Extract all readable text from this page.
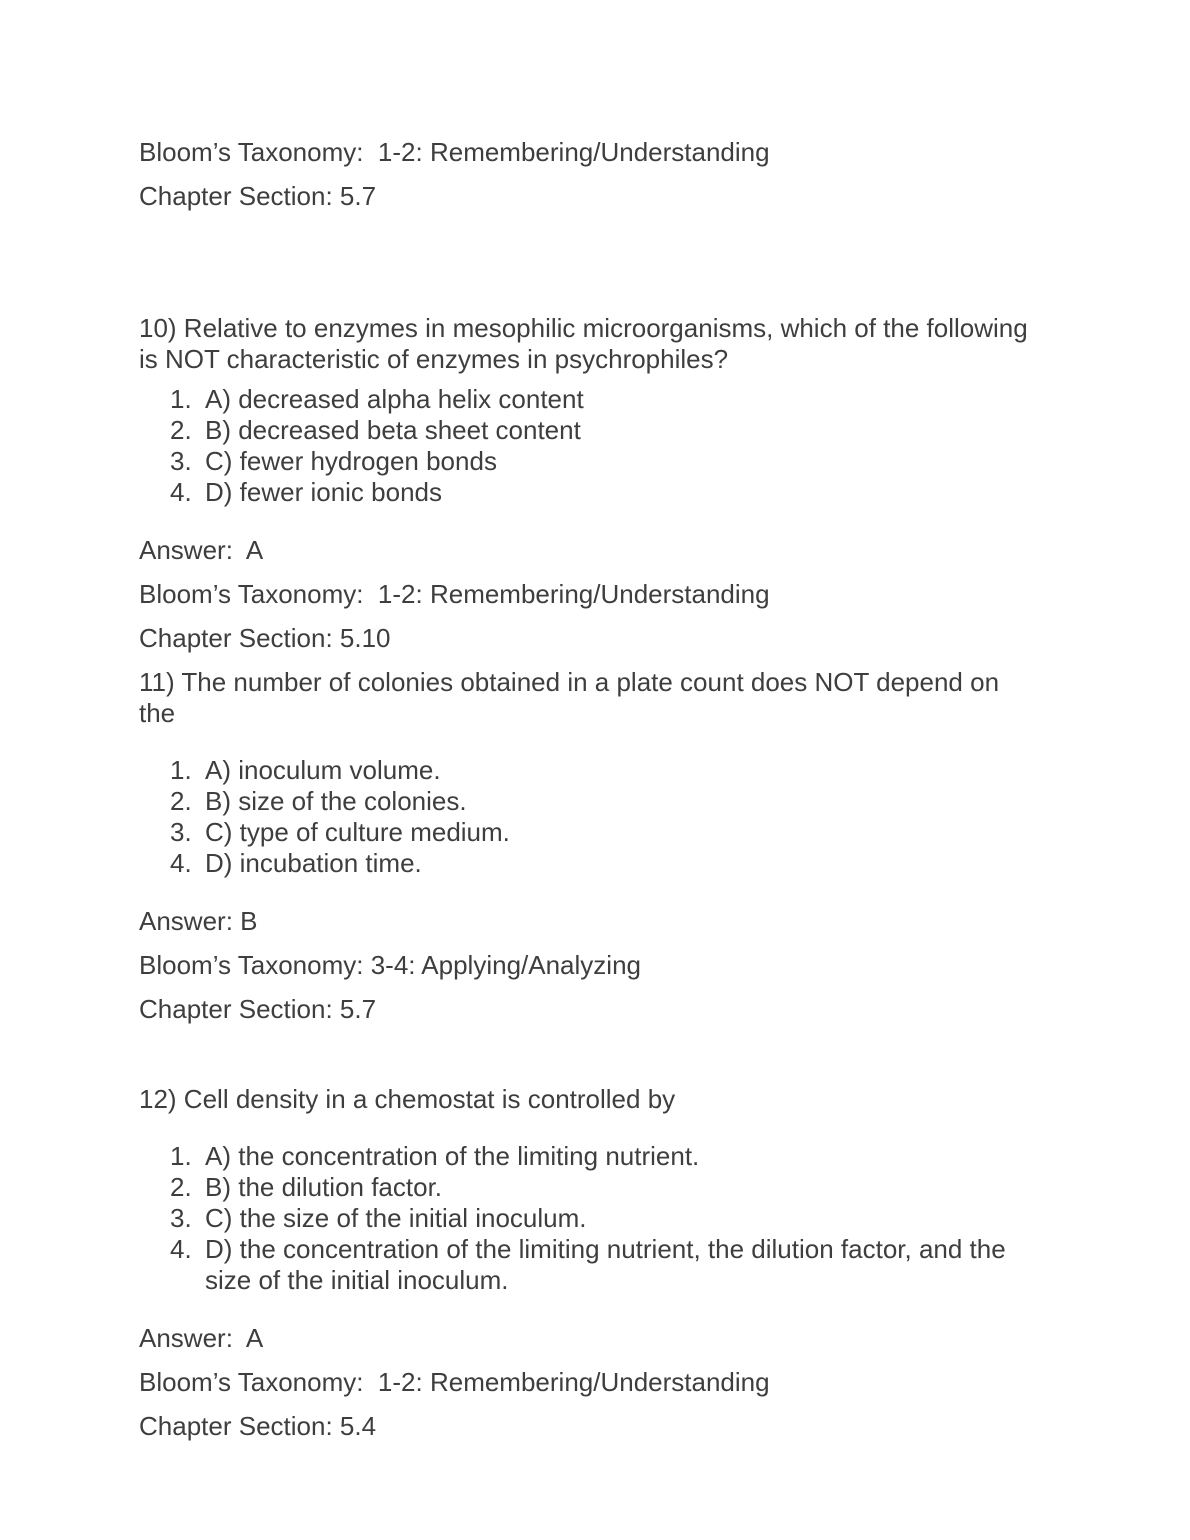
Bloom’s Taxonomy:  1-2: Remembering/Understanding

Chapter Section: 5.7

10) Relative to enzymes in mesophilic microorganisms, which of the following is NOT characteristic of enzymes in psychrophiles?

1. A) decreased alpha helix content
2. B) decreased beta sheet content
3. C) fewer hydrogen bonds
4. D) fewer ionic bonds

Answer:  A

Bloom’s Taxonomy:  1-2: Remembering/Understanding

Chapter Section: 5.10

11) The number of colonies obtained in a plate count does NOT depend on the

1. A) inoculum volume.
2. B) size of the colonies.
3. C) type of culture medium.
4. D) incubation time.

Answer: B

Bloom’s Taxonomy: 3-4: Applying/Analyzing

Chapter Section: 5.7

12) Cell density in a chemostat is controlled by

1. A) the concentration of the limiting nutrient.
2. B) the dilution factor.
3. C) the size of the initial inoculum.
4. D) the concentration of the limiting nutrient, the dilution factor, and the size of the initial inoculum.

Answer:  A

Bloom’s Taxonomy:  1-2: Remembering/Understanding

Chapter Section: 5.4
